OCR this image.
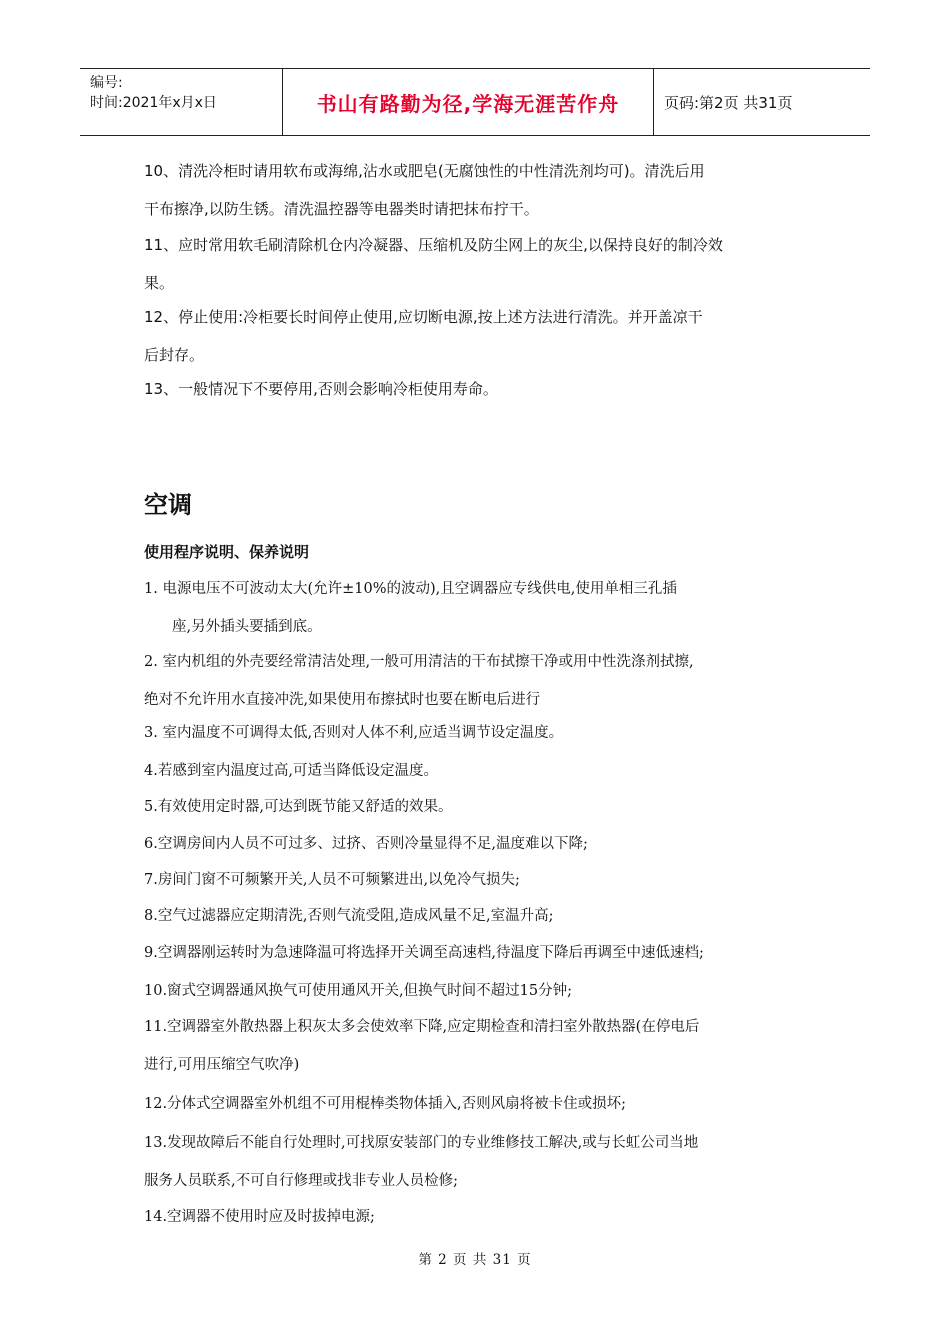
编号:
时间:2021年x月x日	书山有路勤为径,学海无涯苦作舟	页码:第2页 共31页
10、清洗冷柜时请用软布或海绵,沾水或肥皂(无腐蚀性的中性清洗剂均可)。清洗后用
干布擦净,以防生锈。清洗温控器等电器类时请把抹布拧干。
11、应时常用软毛刷清除机仓内冷凝器、压缩机及防尘网上的灰尘,以保持良好的制冷效
果。
12、停止使用:冷柜要长时间停止使用,应切断电源,按上述方法进行清洗。并开盖凉干
后封存。
13、一般情况下不要停用,否则会影响冷柜使用寿命。
空调
使用程序说明、保养说明
1. 电源电压不可波动太大(允许±10%的波动),且空调器应专线供电,使用单相三孔插
座,另外插头要插到底。
2. 室内机组的外壳要经常清洁处理,一般可用清洁的干布拭擦干净或用中性洗涤剂拭擦,
绝对不允许用水直接冲洗,如果使用布擦拭时也要在断电后进行
3. 室内温度不可调得太低,否则对人体不利,应适当调节设定温度。
4.若感到室内温度过高,可适当降低设定温度。
5.有效使用定时器,可达到既节能又舒适的效果。
6.空调房间内人员不可过多、过挤、否则冷量显得不足,温度难以下降;
7.房间门窗不可频繁开关,人员不可频繁进出,以免冷气损失;
8.空气过滤器应定期清洗,否则气流受阻,造成风量不足,室温升高;
9.空调器刚运转时为急速降温可将选择开关调至高速档,待温度下降后再调至中速低速档;
10.窗式空调器通风换气可使用通风开关,但换气时间不超过15分钟;
11.空调器室外散热器上积灰太多会使效率下降,应定期检查和清扫室外散热器(在停电后
进行,可用压缩空气吹净)
12.分体式空调器室外机组不可用棍棒类物体插入,否则风扇将被卡住或损坏;
13.发现故障后不能自行处理时,可找原安装部门的专业维修技工解决,或与长虹公司当地
服务人员联系,不可自行修理或找非专业人员检修;
14.空调器不使用时应及时拔掉电源;
第 2 页 共 31 页
